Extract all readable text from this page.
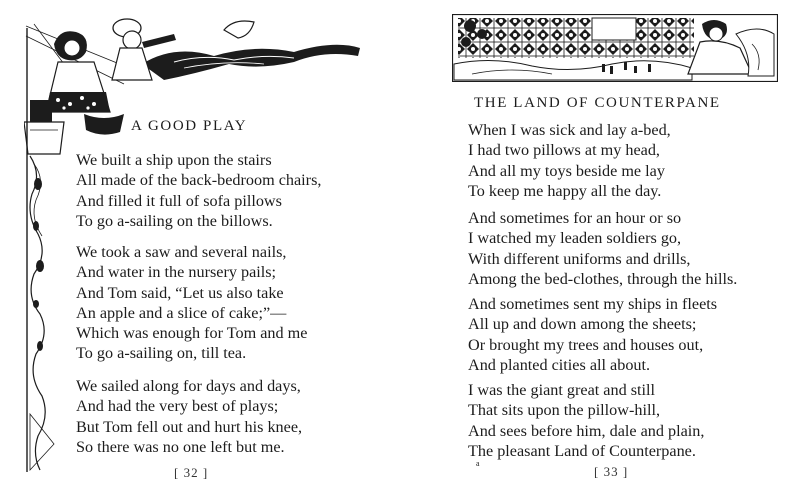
A GOOD PLAY
We built a ship upon the stairs
All made of the back-bedroom chairs,
And filled it full of sofa pillows
To go a-sailing on the billows.
We took a saw and several nails,
And water in the nursery pails;
And Tom said, “Let us also take
An apple and a slice of cake;”—
Which was enough for Tom and me
To go a-sailing on, till tea.
We sailed along for days and days,
And had the very best of plays;
But Tom fell out and hurt his knee,
So there was no one left but me.
[ 32 ]
THE LAND OF COUNTERPANE
When I was sick and lay a-bed,
I had two pillows at my head,
And all my toys beside me lay
To keep me happy all the day.
And sometimes for an hour or so
I watched my leaden soldiers go,
With different uniforms and drills,
Among the bed-clothes, through the hills.
And sometimes sent my ships in fleets
All up and down among the sheets;
Or brought my trees and houses out,
And planted cities all about.
I was the giant great and still
That sits upon the pillow-hill,
And sees before him, dale and plain,
The pleasant Land of Counterpane.
a
[ 33 ]
